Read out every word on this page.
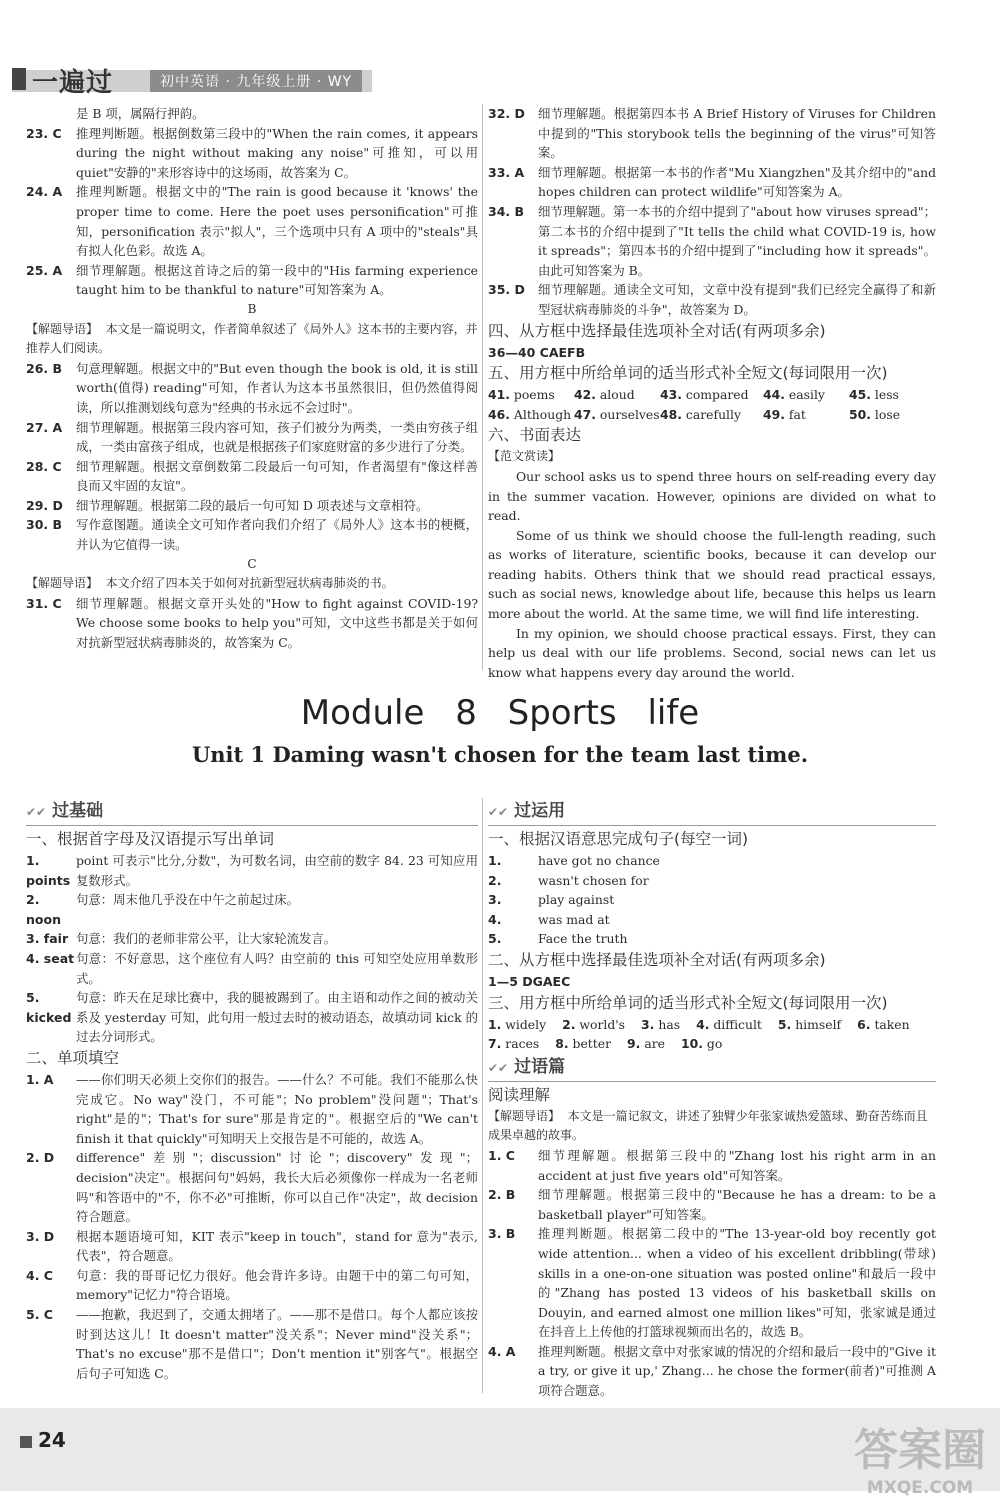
一遍过	初中英语 · 九年级上册 · WY
是 B 项，属隔行押韵。
23. C	推理判断题。根据倒数第三段中的"When the rain comes, it appears during the night without making any noise"可推知，可以用 quiet"安静的"来形容诗中的这场雨，故答案为 C。
24. A	推理判断题。根据文中的"The rain is good because it 'knows' the proper time to come. Here the poet uses personification"可推知，personification 表示"拟人"，三个选项中只有 A 项中的"steals"具有拟人化色彩。故选 A。
25. A	细节理解题。根据这首诗之后的第一段中的"His farming experience taught him to be thankful to nature"可知答案为 A。
B
【解题导语】 本文是一篇说明文，作者简单叙述了《局外人》这本书的主要内容，并推荐人们阅读。
26. B	句意理解题。根据文中的"But even though the book is old, it is still worth(值得) reading"可知，作者认为这本书虽然很旧，但仍然值得阅读，所以推测划线句意为"经典的书永远不会过时"。
27. A	细节理解题。根据第三段内容可知，孩子们被分为两类，一类由穷孩子组成，一类由富孩子组成，也就是根据孩子们家庭财富的多少进行了分类。
28. C	细节理解题。根据文章倒数第二段最后一句可知，作者渴望有"像这样善良而又牢固的友谊"。
29. D	细节理解题。根据第二段的最后一句可知 D 项表述与文章相符。
30. B	写作意图题。通读全文可知作者向我们介绍了《局外人》这本书的梗概，并认为它值得一读。
C
【解题导语】 本文介绍了四本关于如何对抗新型冠状病毒肺炎的书。
31. C	细节理解题。根据文章开头处的"How to fight against COVID-19? We choose some books to help you"可知，文中这些书都是关于如何对抗新型冠状病毒肺炎的，故答案为 C。
32. D	细节理解题。根据第四本书 A Brief History of Viruses for Children 中提到的"This storybook tells the beginning of the virus"可知答案。
33. A	细节理解题。根据第一本书的作者"Mu Xiangzhen"及其介绍中的"and hopes children can protect wildlife"可知答案为 A。
34. B	细节理解题。第一本书的介绍中提到了"about how viruses spread"；第二本书的介绍中提到了"It tells the child what COVID-19 is, how it spreads"；第四本书的介绍中提到了"including how it spreads"。由此可知答案为 B。
35. D	细节理解题。通读全文可知，文章中没有提到"我们已经完全赢得了和新型冠状病毒肺炎的斗争"，故答案为 D。
四、从方框中选择最佳选项补全对话(有两项多余)
36—40 CAEFB
五、用方框中所给单词的适当形式补全短文(每词限用一次)
41. poems	42. aloud	43. compared	44. easily	45. less
46. Although 47. ourselves 48. carefully	49. fat	50. lose
六、书面表达
【范文赏读】

Our school asks us to spend three hours on self-reading every day in the summer vacation. However, opinions are divided on what to read.

Some of us think we should choose the full-length reading, such as works of literature, scientific books, because it can develop our reading habits. Others think that we should read practical essays, such as social news, knowledge about life, because this helps us learn more about the world. At the same time, we will find life interesting.

In my opinion, we should choose practical essays. First, they can help us deal with our life problems. Second, social news can let us know what happens every day around the world.

Module 8 Sports life
Unit 1 Daming wasn't chosen for the team last time.
✔✔ 过基础
一、根据首字母及汉语提示写出单词
1. points
point 可表示"比分,分数"，为可数名词，由空前的数字 84. 23 可知应用复数形式。
2. noon
句意：周末他几乎没在中午之前起过床。
3. fair 句意：我们的老师非常公平，让大家轮流发言。
4. seat 句意：不好意思，这个座位有人吗？由空前的 this 可知空处应用单数形式。
5. kicked
句意：昨天在足球比赛中，我的腿被踢到了。由主语和动作之间的被动关系及 yesterday 可知，此句用一般过去时的被动语态，故填动词 kick 的过去分词形式。
二、单项填空
1. A	——你们明天必须上交你们的报告。——什么？不可能。我们不能那么快完成它。No way"没门，不可能"；No problem"没问题"；That's right"是的"；That's for sure"那是肯定的"。根据空后的"We can't finish it that quickly"可知明天上交报告是不可能的，故选 A。
2. D	difference"差别"；discussion"讨论"；discovery"发现"；decision"决定"。根据问句"妈妈，我长大后必须像你一样成为一名老师吗"和答语中的"不，你不必"可推断，你可以自己作"决定"，故 decision 符合题意。
3. D	根据本题语境可知，KIT 表示"keep in touch"，stand for 意为"表示,代表"，符合题意。
4. C	句意：我的哥哥记忆力很好。他会背许多诗。由题干中的第二句可知，memory"记忆力"符合语境。
5. C	——抱歉，我迟到了，交通太拥堵了。——那不是借口。每个人都应该按时到达这儿！It doesn't matter"没关系"；Never mind"没关系"；That's no excuse"那不是借口"；Don't mention it"别客气"。根据空后句子可知选 C。
✔✔ 过运用
一、根据汉语意思完成句子(每空一词)
1.	have got no chance
2.	wasn't chosen for
3.	play against
4.	was mad at
5.	Face the truth
二、从方框中选择最佳选项补全对话(有两项多余)
1—5 DGAEC
三、用方框中所给单词的适当形式补全短文(每词限用一次)
1. widely 2. world's 3. has 4. difficult 5. himself 6. taken
7. races 8. better 9. are 10. go
✔✔ 过语篇
阅读理解
【解题导语】 本文是一篇记叙文，讲述了独臂少年张家诚热爱篮球、勤奋苦练而且成果卓越的故事。
1. C	细节理解题。根据第三段中的"Zhang lost his right arm in an accident at just five years old"可知答案。
2. B	细节理解题。根据第三段中的"Because he has a dream: to be a basketball player"可知答案。
3. B	推理判断题。根据第二段中的"The 13-year-old boy recently got wide attention... when a video of his excellent dribbling(带球) skills in a one-on-one situation was posted online"和最后一段中的"Zhang has posted 13 videos of his basketball skills on Douyin, and earned almost one million likes"可知，张家诚是通过在抖音上上传他的打篮球视频而出名的，故选 B。
4. A	推理判断题。根据文章中对张家诚的情况的介绍和最后一段中的"Give it a try, or give it up,' Zhang... he chose the former(前者)"可推测 A 项符合题意。
24	答案圈
MXQE.COM
